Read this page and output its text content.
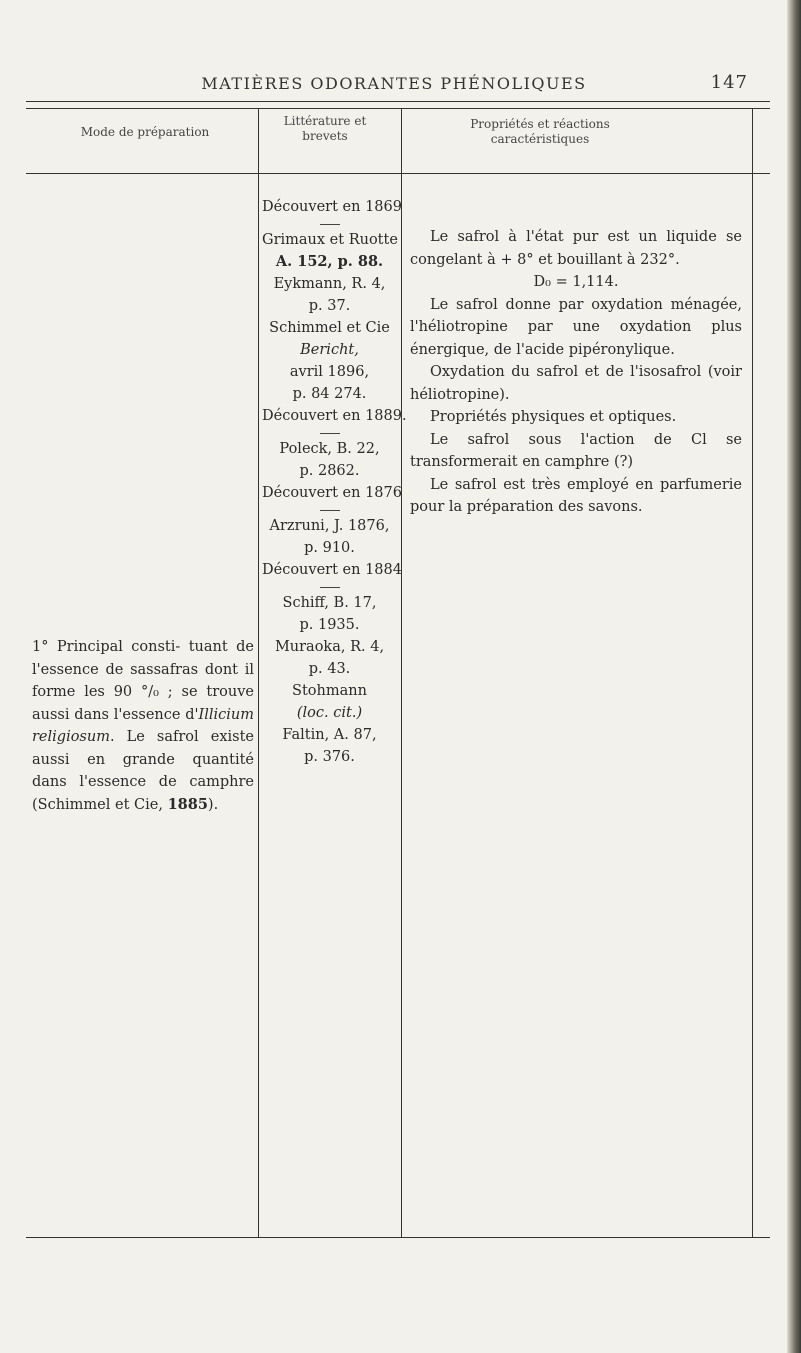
MATIÈRES ODORANTES PHÉNOLIQUES	147
Mode de préparation
Littérature et brevets
Propriétés et réactions caractéristiques
1° Principal consti- tuant de l'essence de sassafras dont il forme les 90 °/₀ ; se trouve aussi dans l'essence d'Illicium religiosum. Le safrol existe aussi en grande quantité dans l'essence de camphre (Schimmel et Cie, 1885).
Découvert en 1869
Grimaux et Ruotte
A. 152, p. 88.
Eykmann, R. 4,
p. 37.
Schimmel et Cie
Bericht,
avril 1896,
p. 84 274.
Découvert en 1889.
Poleck, B. 22,
p. 2862.
Découvert en 1876
Arzruni, J. 1876,
p. 910.
Découvert en 1884
Schiff, B. 17,
p. 1935.
Muraoka, R. 4,
p. 43.
Stohmann
(loc. cit.)
Faltin, A. 87,
p. 376.

Le safrol à l'état pur est un liquide se congelant à + 8° et bouillant à 232°.

D₀ = 1,114.

Le safrol donne par oxydation ménagée, l'héliotropine par une oxydation plus énergique, de l'acide pipéronylique.

Oxydation du safrol et de l'isosafrol (voir héliotropine).

Propriétés physiques et optiques.

Le safrol sous l'action de Cl se transformerait en camphre (?)

Le safrol est très employé en parfumerie pour la préparation des savons.
